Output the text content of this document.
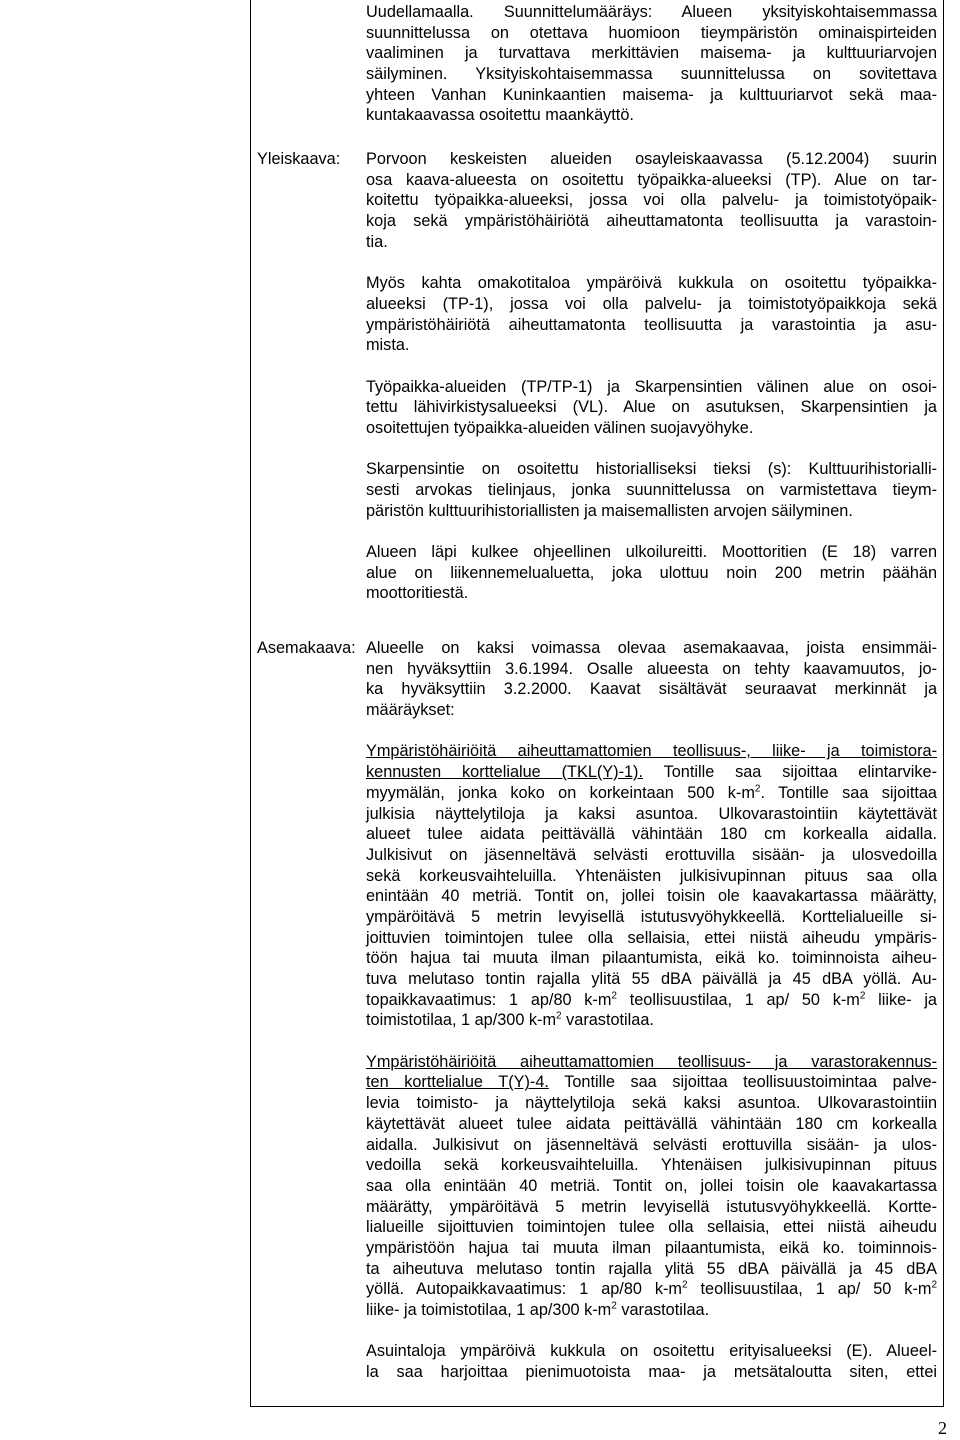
Uudellamaalla. Suunnittelumääräys: Alueen yksityiskohtaisemmassa
suunnittelussa on otettava huomioon tieympäristön ominaispirteiden
vaaliminen ja turvattava merkittävien maisema- ja kulttuuriarvojen
säilyminen. Yksityiskohtaisemmassa suunnittelussa on sovitettava
yhteen Vanhan Kuninkaantien maisema- ja kulttuuriarvot sekä maa-
kuntakaavassa osoitettu maankäyttö.
Yleiskaava: Porvoon keskeisten alueiden osayleiskaavassa (5.12.2004) suurin
osa kaava-alueesta on osoitettu työpaikka-alueeksi (TP). Alue on tar-
koitettu työpaikka-alueeksi, jossa voi olla palvelu- ja toimistotyöpaik-
koja sekä ympäristöhäiriötä aiheuttamatonta teollisuutta ja varastoin-
tia.
Myös kahta omakotitaloa ympäröivä kukkula on osoitettu työpaikka-
alueeksi (TP-1), jossa voi olla palvelu- ja toimistotyöpaikkoja sekä
ympäristöhäiriötä aiheuttamatonta teollisuutta ja varastointia ja asu-
mista.
Työpaikka-alueiden (TP/TP-1) ja Skarpensintien välinen alue on osoi-
tettu lähivirkistysalueeksi (VL). Alue on asutuksen, Skarpensintien ja
osoitettujen työpaikka-alueiden välinen suojavyöhyke.
Skarpensintie on osoitettu historialliseksi tieksi (s): Kulttuurihistorialli-
sesti arvokas tielinjaus, jonka suunnittelussa on varmistettava tieym-
päristön kulttuurihistoriallisten ja maisemallisten arvojen säilyminen.
Alueen läpi kulkee ohjeellinen ulkoilureitti. Moottoritien (E 18) varren
alue on liikennemelualuetta, joka ulottuu noin 200 metrin päähän
moottoritiestä.
Asemakaava: Alueelle on kaksi voimassa olevaa asemakaavaa, joista ensimmäi-
nen hyväksyttiin 3.6.1994. Osalle alueesta on tehty kaavamuutos, jo-
ka hyväksyttiin 3.2.2000. Kaavat sisältävät seuraavat merkinnät ja
määräykset:
Ympäristöhäiriöitä aiheuttamattomien teollisuus-, liike- ja toimistora-
kennusten korttelialue (TKL(Y)-1). Tontille saa sijoittaa elintarvike-
myymälän, jonka koko on korkeintaan 500 $k-m^2$. Tontille saa sijoittaa
julkisia näyttelytiloja ja kaksi asuntoa. Ulkovarastointiin käytettävät
alueet tulee aidata peittävällä vähintään 180 cm korkealla aidalla.
Julkisivut on jäsenneltävä selvästi erottuvilla sisään- ja ulosvedoilla
sekä korkeusvaihteluilla. Yhtenäisten julkisivupinnan pituus saa olla
enintään 40 metriä. Tontit on, jollei toisin ole kaavakartassa määrätty,
ympäröitävä 5 metrin levyisellä istutusvyöhykkeellä. Korttelialueille si-
joittuvien toimintojen tulee olla sellaisia, ettei niistä aiheudu ympäris-
töön hajua tai muuta ilman pilaantumista, eikä ko. toiminnoista aiheu-
tuva melutaso tontin rajalla ylitä 55 dBA päivällä ja 45 dBA yöllä. Au-
topaikkavaatimus: 1 ap/80 $k-m^2$ teollisuustilaa, 1 ap/ 50 $k-m^2$ liike- ja
toimistotilaa, 1 ap/300 $k-m^2$ varastotilaa.
Ympäristöhäiriöitä aiheuttamattomien teollisuus- ja varastorakennus-
ten korttelialue T(Y)-4. Tontille saa sijoittaa teollisuustoimintaa palve-
levia toimisto- ja näyttelytiloja sekä kaksi asuntoa. Ulkovarastointiin
käytettävät alueet tulee aidata peittävällä vähintään 180 cm korkealla
aidalla. Julkisivut on jäsenneltävä selvästi erottuvilla sisään- ja ulos-
vedoilla sekä korkeusvaihteluilla. Yhtenäisen julkisivupinnan pituus
saa olla enintään 40 metriä. Tontit on, jollei toisin ole kaavakartassa
määrätty, ympäröitävä 5 metrin levyisellä istutusvyöhykkeellä. Kortte-
lialueille sijoittuvien toimintojen tulee olla sellaisia, ettei niistä aiheudu
ympäristöön hajua tai muuta ilman pilaantumista, eikä ko. toiminnois-
ta aiheutuva melutaso tontin rajalla ylitä 55 dBA päivällä ja 45 dBA
yöllä. Autopaikkavaatimus: 1 ap/80 $k-m^2$ teollisuustilaa, 1 ap/ 50 $k-m^2$
liike- ja toimistotilaa, 1 ap/300 $k-m^2$ varastotilaa.
Asuintaloja ympäröivä kukkula on osoitettu erityisalueeksi (E). Alueel-
la saa harjoittaa pienimuotoista maa- ja metsätaloutta siten, ettei
2
